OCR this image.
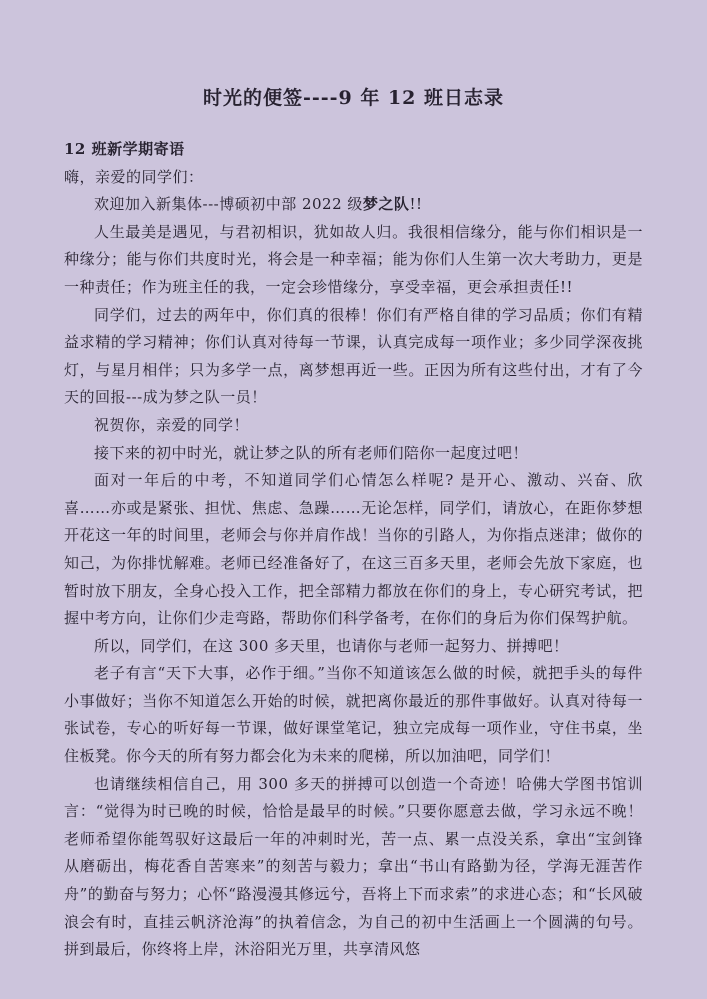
时光的便签----9 年 12 班日志录
12 班新学期寄语

嗨，亲爱的同学们：

欢迎加入新集体---博硕初中部 2022 级梦之队!!

人生最美是遇见，与君初相识，犹如故人归。我很相信缘分，能与你们相识是一种缘分；能与你们共度时光，将会是一种幸福；能为你们人生第一次大考助力，更是一种责任；作为班主任的我，一定会珍惜缘分，享受幸福，更会承担责任!!

同学们，过去的两年中，你们真的很棒！你们有严格自律的学习品质；你们有精益求精的学习精神；你们认真对待每一节课，认真完成每一项作业；多少同学深夜挑灯，与星月相伴；只为多学一点，离梦想再近一些。正因为所有这些付出，才有了今天的回报---成为梦之队一员！

祝贺你，亲爱的同学！

接下来的初中时光，就让梦之队的所有老师们陪你一起度过吧！

面对一年后的中考，不知道同学们心情怎么样呢? 是开心、激动、兴奋、欣喜……亦或是紧张、担忧、焦虑、急躁……无论怎样，同学们，请放心，在距你梦想开花这一年的时间里，老师会与你并肩作战！当你的引路人，为你指点迷津；做你的知己，为你排忧解难。老师已经准备好了，在这三百多天里，老师会先放下家庭，也暂时放下朋友，全身心投入工作，把全部精力都放在你们的身上，专心研究考试，把握中考方向，让你们少走弯路，帮助你们科学备考，在你们的身后为你们保驾护航。

所以，同学们，在这 300 多天里，也请你与老师一起努力、拼搏吧！

老子有言“天下大事，必作于细。”当你不知道该怎么做的时候，就把手头的每件小事做好；当你不知道怎么开始的时候，就把离你最近的那件事做好。认真对待每一张试卷，专心的听好每一节课，做好课堂笔记，独立完成每一项作业，守住书桌，坐住板凳。你今天的所有努力都会化为未来的爬梯，所以加油吧，同学们！

也请继续相信自己，用 300 多天的拼搏可以创造一个奇迹！哈佛大学图书馆训言：“觉得为时已晚的时候，恰恰是最早的时候。”只要你愿意去做，学习永远不晚！老师希望你能驾驭好这最后一年的冲刺时光，苦一点、累一点没关系，拿出“宝剑锋从磨砺出，梅花香自苦寒来”的刻苦与毅力；拿出“书山有路勤为径，学海无涯苦作舟”的勤奋与努力；心怀“路漫漫其修远兮，吾将上下而求索”的求进心态；和“长风破浪会有时，直挂云帆济沧海”的执着信念，为自己的初中生活画上一个圆满的句号。拼到最后，你终将上岸，沐浴阳光万里，共享清风悠
